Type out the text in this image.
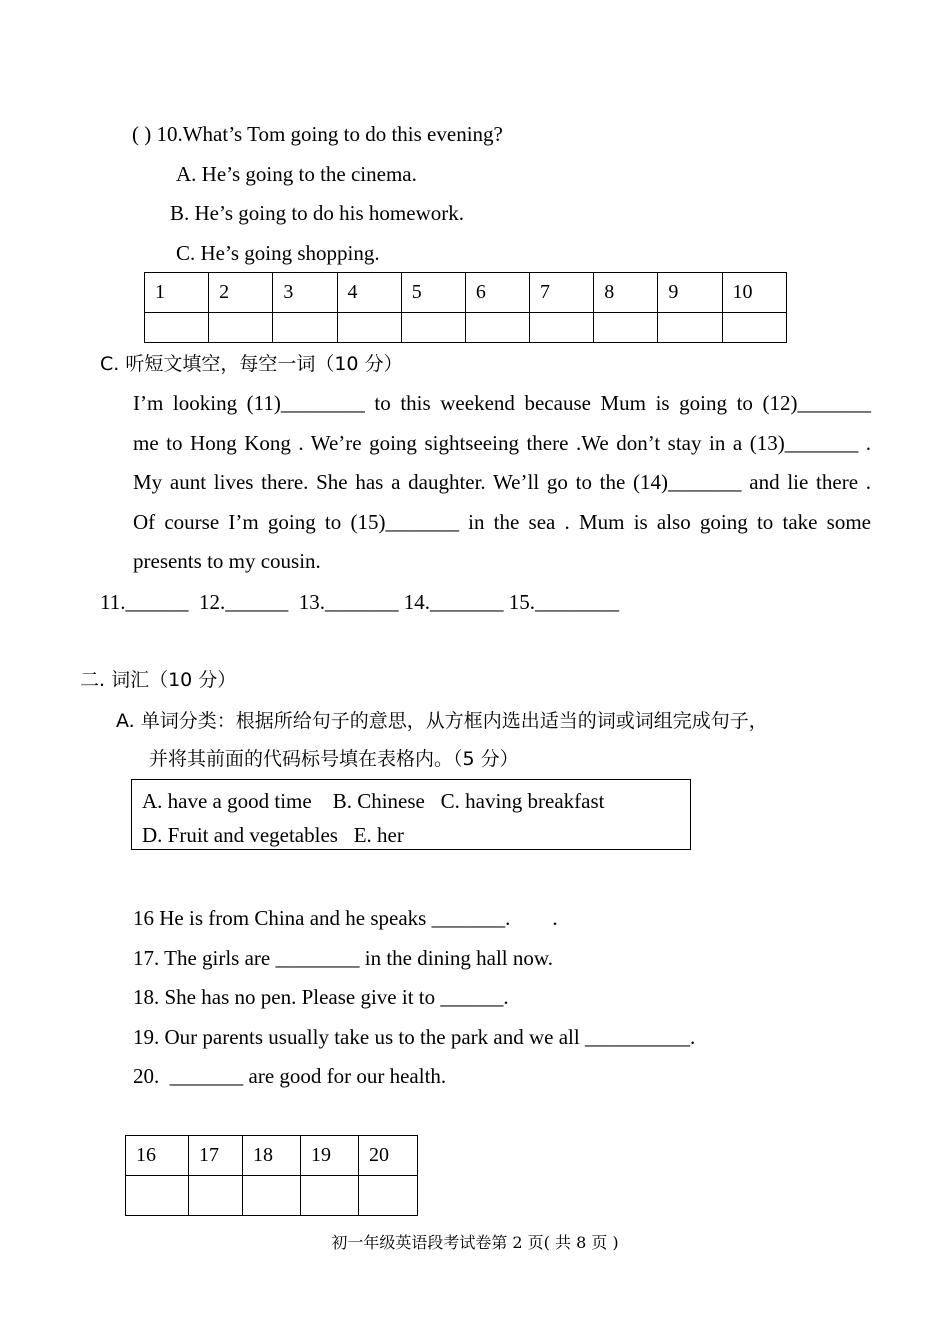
( ) 10.What’s Tom going to do this evening?
A. He’s going to the cinema.
B. He’s going to do his homework.
C. He’s going shopping.
1	2	3	4	5	6	7	8	9	10

C. 听短文填空，每空一词（10 分）

I’m looking (11)________ to this weekend because Mum is going to (12)_______

me to Hong Kong . We’re going sightseeing there .We don’t stay in a (13)_______ .

My aunt lives there. She has a daughter. We’ll go to the (14)_______ and lie there .

Of course I’m going to (15)_______ in the sea . Mum is also going to take some

presents to my cousin.

11.______  12.______  13._______ 14._______ 15.________
二. 词汇（10 分）
A. 单词分类：根据所给句子的意思，从方框内选出适当的词或词组完成句子，
并将其前面的代码标号填在表格内。（5 分）
A. have a good time    B. Chinese   C. having breakfast
D. Fruit and vegetables   E. her
16 He is from China and he speaks _______.        .
17. The girls are ________ in the dining hall now.
18. She has no pen. Please give it to ______.
19. Our parents usually take us to the park and we all __________.
20.  _______ are good for our health.
16	17	18	19	20

初一年级英语段考试卷第 2 页( 共 8 页 )
